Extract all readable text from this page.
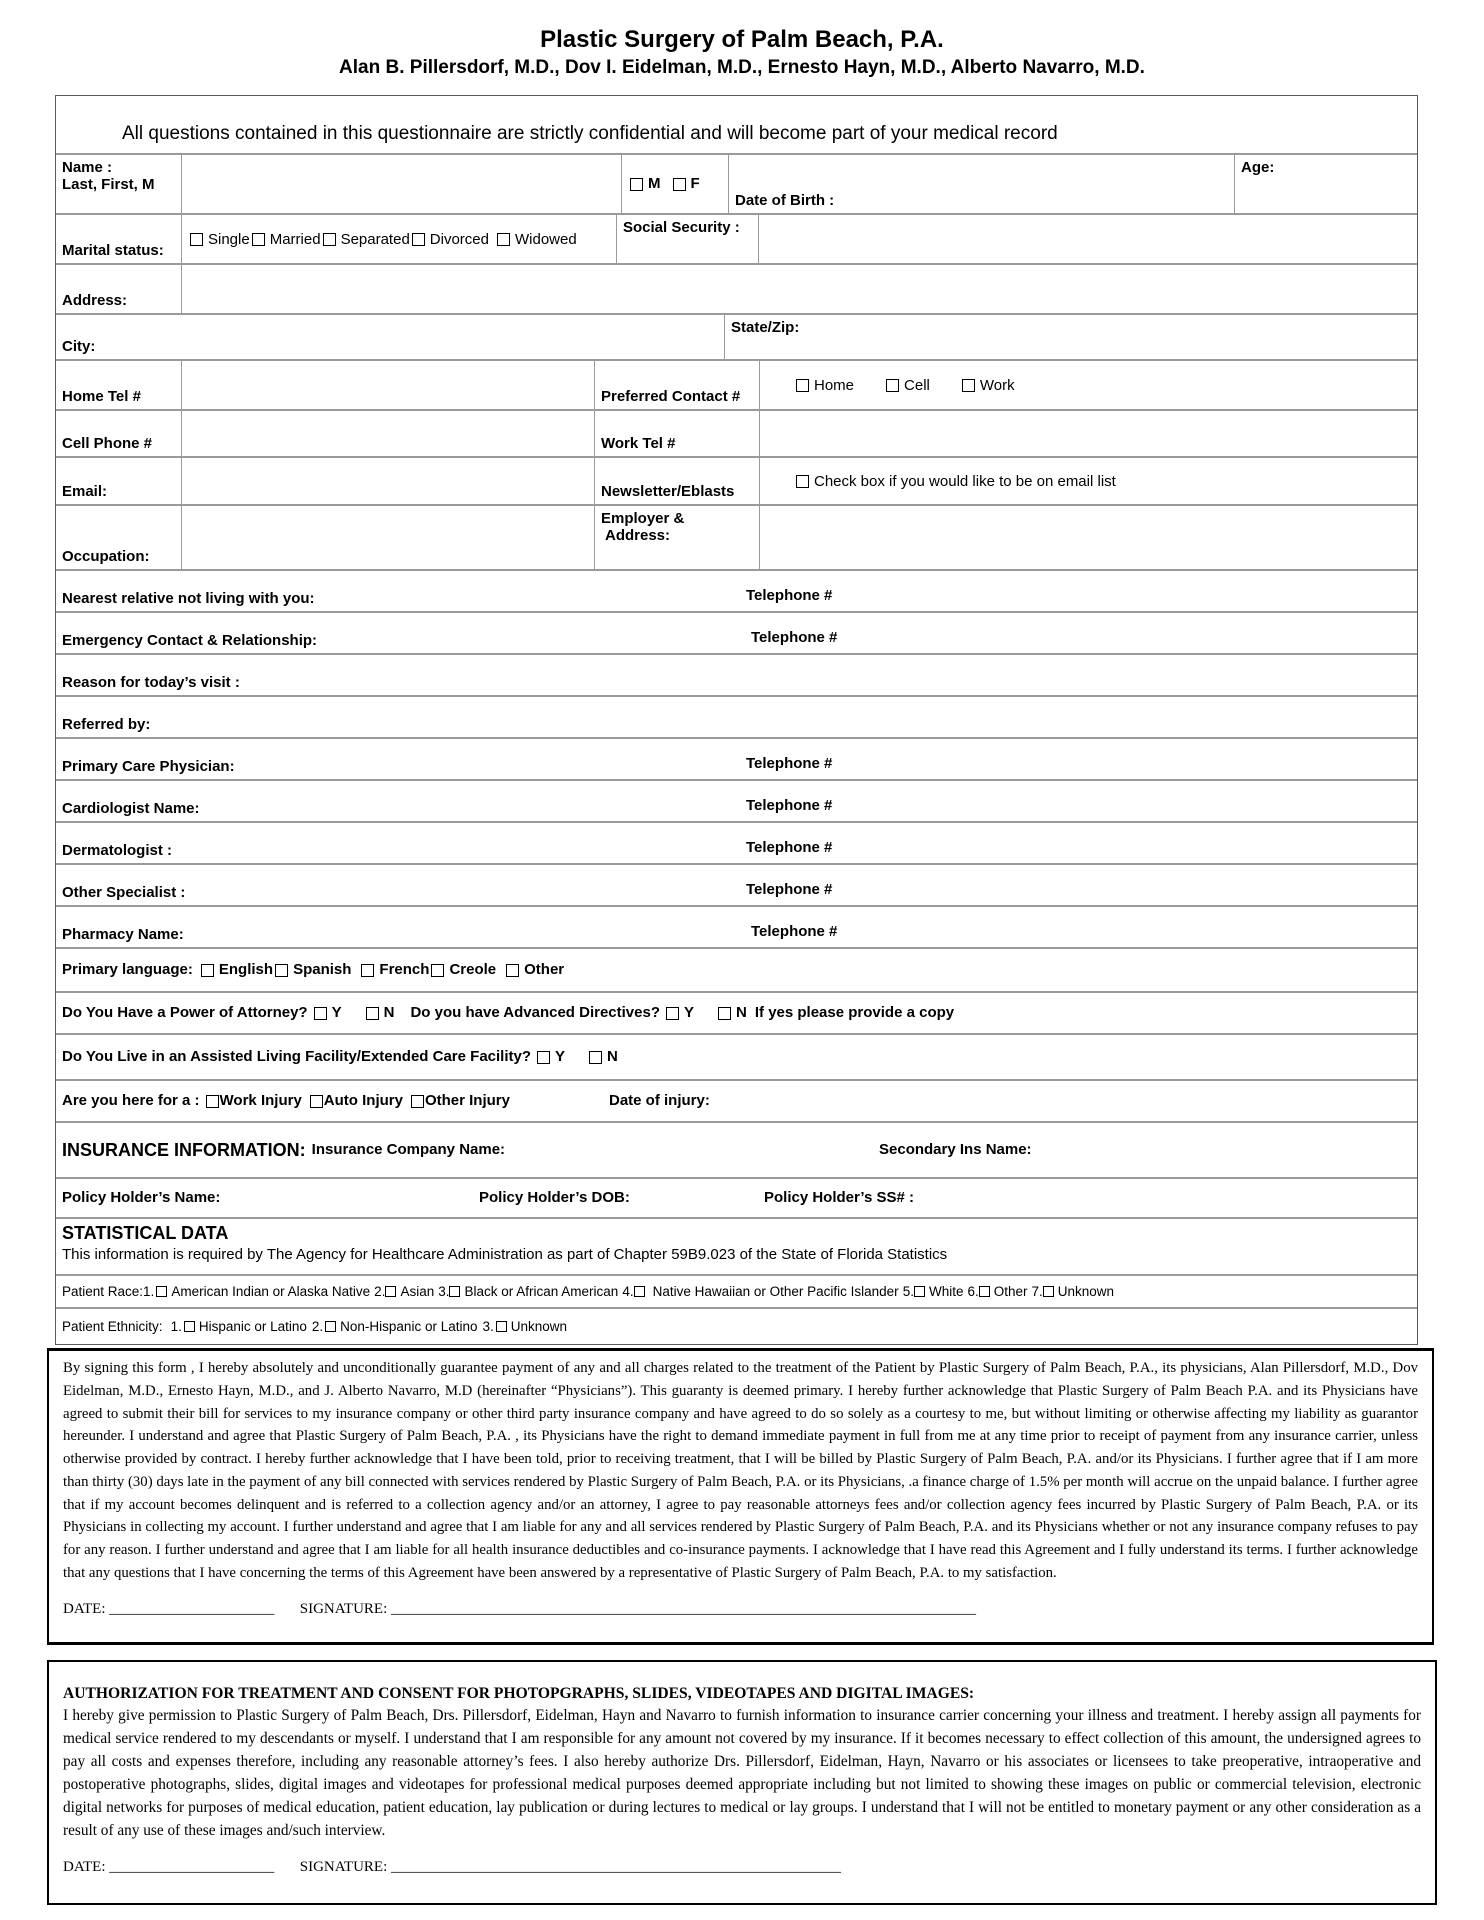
Plastic Surgery of Palm Beach, P.A.
Alan B. Pillersdorf, M.D., Dov I. Eidelman, M.D., Ernesto Hayn, M.D., Alberto Navarro, M.D.
All questions contained in this questionnaire are strictly confidential and will become part of your medical record
Name :
Last, First, M	M F
Date of Birth :
Age:
Marital status:
Single Married Separated Divorced Widowed
Social Security :
Address:
City:
State/Zip:
Home Tel #	Preferred Contact #
Home	Cell	Work
Cell Phone #	Work Tel #
Email:	Newsletter/Eblasts
Check box if you would like to be on email list
Occupation:
Employer &
Address:
Nearest relative not living with you:	Telephone #
Emergency Contact & Relationship:	Telephone #
Reason for today’s visit :
Referred by:
Primary Care Physician:	Telephone #
Cardiologist Name:	Telephone #
Dermatologist :	Telephone #
Other Specialist :	Telephone #
Pharmacy Name:	Telephone #
Primary language: English Spanish French Creole Other
Do You Have a Power of Attorney? Y	N Do you have Advanced Directives? Y	N If yes please provide a copy
Do You Live in an Assisted Living Facility/Extended Care Facility? Y	N
Are you here for a : Work Injury Auto Injury Other Injury	Date of injury:
INSURANCE INFORMATION: Insurance Company Name:	Secondary Ins Name:
Policy Holder’s Name:	Policy Holder’s DOB:	Policy Holder’s SS# :
STATISTICAL DATA
This information is required by The Agency for Healthcare Administration as part of Chapter 59B9.023 of the State of Florida Statistics
Patient Race: 1. American Indian or Alaska Native 2. Asian 3. Black or African American 4. Native Hawaiian or Other Pacific Islander 5. White 6. Other 7. Unknown
Patient Ethnicity: 1. Hispanic or Latino 2. Non-Hispanic or Latino 3. Unknown
By signing this form , I hereby absolutely and unconditionally guarantee payment of any and all charges related to the treatment of the Patient by Plastic Surgery of Palm Beach, P.A., its physicians, Alan Pillersdorf, M.D., Dov Eidelman, M.D., Ernesto Hayn, M.D., and J. Alberto Navarro, M.D (hereinafter “Physicians”). This guaranty is deemed primary. I hereby further acknowledge that Plastic Surgery of Palm Beach P.A. and its Physicians have agreed to submit their bill for services to my insurance company or other third party insurance company and have agreed to do so solely as a courtesy to me, but without limiting or otherwise affecting my liability as guarantor hereunder. I understand and agree that Plastic Surgery of Palm Beach, P.A. , its Physicians have the right to demand immediate payment in full from me at any time prior to receipt of payment from any insurance carrier, unless otherwise provided by contract. I hereby further acknowledge that I have been told, prior to receiving treatment, that I will be billed by Plastic Surgery of Palm Beach, P.A. and/or its Physicians. I further agree that if I am more than thirty (30) days late in the payment of any bill connected with services rendered by Plastic Surgery of Palm Beach, P.A. or its Physicians, .a finance charge of 1.5% per month will accrue on the unpaid balance. I further agree that if my account becomes delinquent and is referred to a collection agency and/or an attorney, I agree to pay reasonable attorneys fees and/or collection agency fees incurred by Plastic Surgery of Palm Beach, P.A. or its Physicians in collecting my account. I further understand and agree that I am liable for any and all services rendered by Plastic Surgery of Palm Beach, P.A. and its Physicians whether or not any insurance company refuses to pay for any reason. I further understand and agree that I am liable for all health insurance deductibles and co-insurance payments. I acknowledge that I have read this Agreement and I fully understand its terms. I further acknowledge that any questions that I have concerning the terms of this Agreement have been answered by a representative of Plastic Surgery of Palm Beach, P.A. to my satisfaction.
DATE: ______________________ SIGNATURE: ______________________________________________________________________________
AUTHORIZATION FOR TREATMENT AND CONSENT FOR PHOTOPGRAPHS, SLIDES, VIDEOTAPES AND DIGITAL IMAGES:
I hereby give permission to Plastic Surgery of Palm Beach, Drs. Pillersdorf, Eidelman, Hayn and Navarro to furnish information to insurance carrier concerning your illness and treatment. I hereby assign all payments for medical service rendered to my descendants or myself. I understand that I am responsible for any amount not covered by my insurance. If it becomes necessary to effect collection of this amount, the undersigned agrees to pay all costs and expenses therefore, including any reasonable attorney’s fees. I also hereby authorize Drs. Pillersdorf, Eidelman, Hayn, Navarro or his associates or licensees to take preoperative, intraoperative and postoperative photographs, slides, digital images and videotapes for professional medical purposes deemed appropriate including but not limited to showing these images on public or commercial television, electronic digital networks for purposes of medical education, patient education, lay publication or during lectures to medical or lay groups. I understand that I will not be entitled to monetary payment or any other consideration as a result of any use of these images and/such interview.
DATE: ______________________ SIGNATURE: ____________________________________________________________
